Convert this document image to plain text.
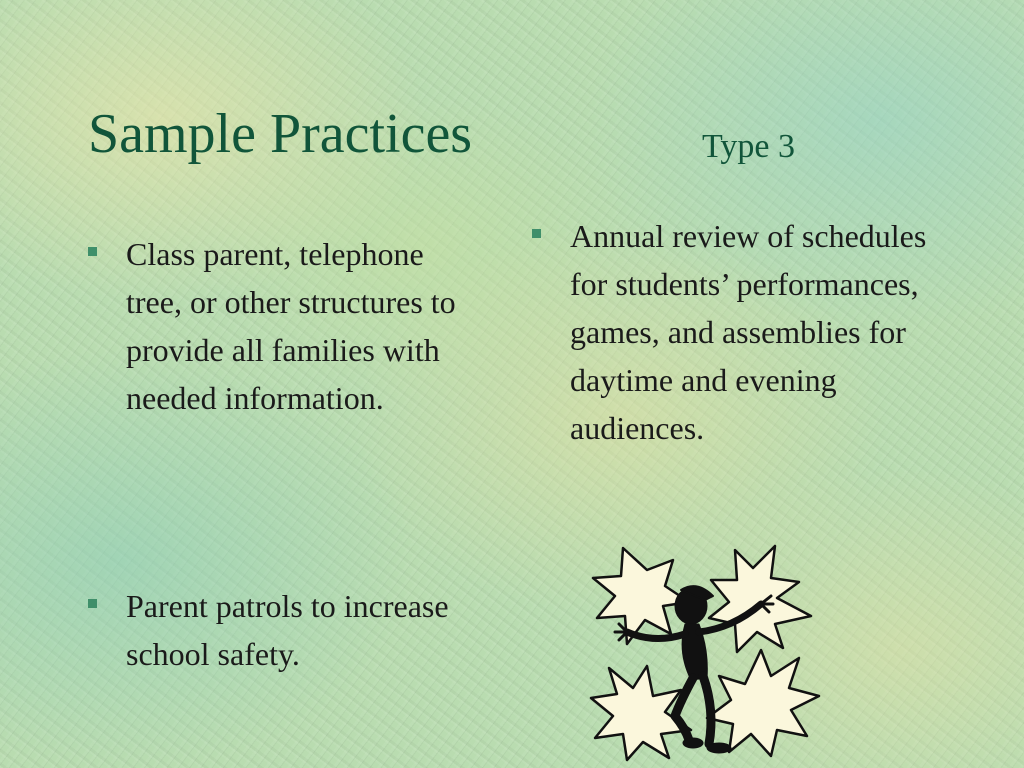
Sample Practices	Type 3
Class parent, telephone tree, or other structures to provide all families with needed information.
Parent patrols to increase school safety.
Annual review of schedules for students’ performances, games, and assemblies for daytime and evening audiences.
